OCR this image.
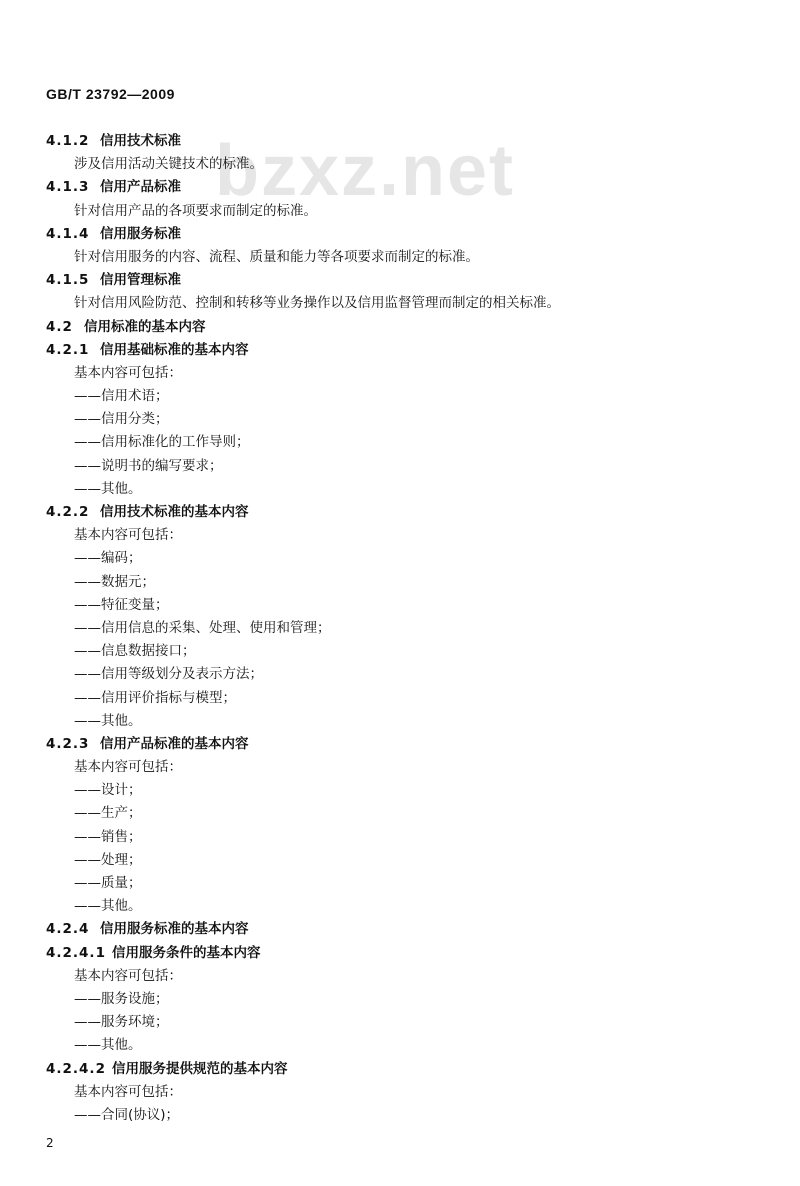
GB/T 23792—2009
bzxz.net
4.1.2 信用技术标准
涉及信用活动关键技术的标准。
4.1.3 信用产品标准
针对信用产品的各项要求而制定的标准。
4.1.4 信用服务标准
针对信用服务的内容、流程、质量和能力等各项要求而制定的标准。
4.1.5 信用管理标准
针对信用风险防范、控制和转移等业务操作以及信用监督管理而制定的相关标准。
4.2 信用标准的基本内容
4.2.1 信用基础标准的基本内容
基本内容可包括：
——信用术语；
——信用分类；
——信用标准化的工作导则；
——说明书的编写要求；
——其他。
4.2.2 信用技术标准的基本内容
基本内容可包括：
——编码；
——数据元；
——特征变量；
——信用信息的采集、处理、使用和管理；
——信息数据接口；
——信用等级划分及表示方法；
——信用评价指标与模型；
——其他。
4.2.3 信用产品标准的基本内容
基本内容可包括：
——设计；
——生产；
——销售；
——处理；
——质量；
——其他。
4.2.4 信用服务标准的基本内容
4.2.4.1 信用服务条件的基本内容
基本内容可包括：
——服务设施；
——服务环境；
——其他。
4.2.4.2 信用服务提供规范的基本内容
基本内容可包括：
——合同(协议)；
2
